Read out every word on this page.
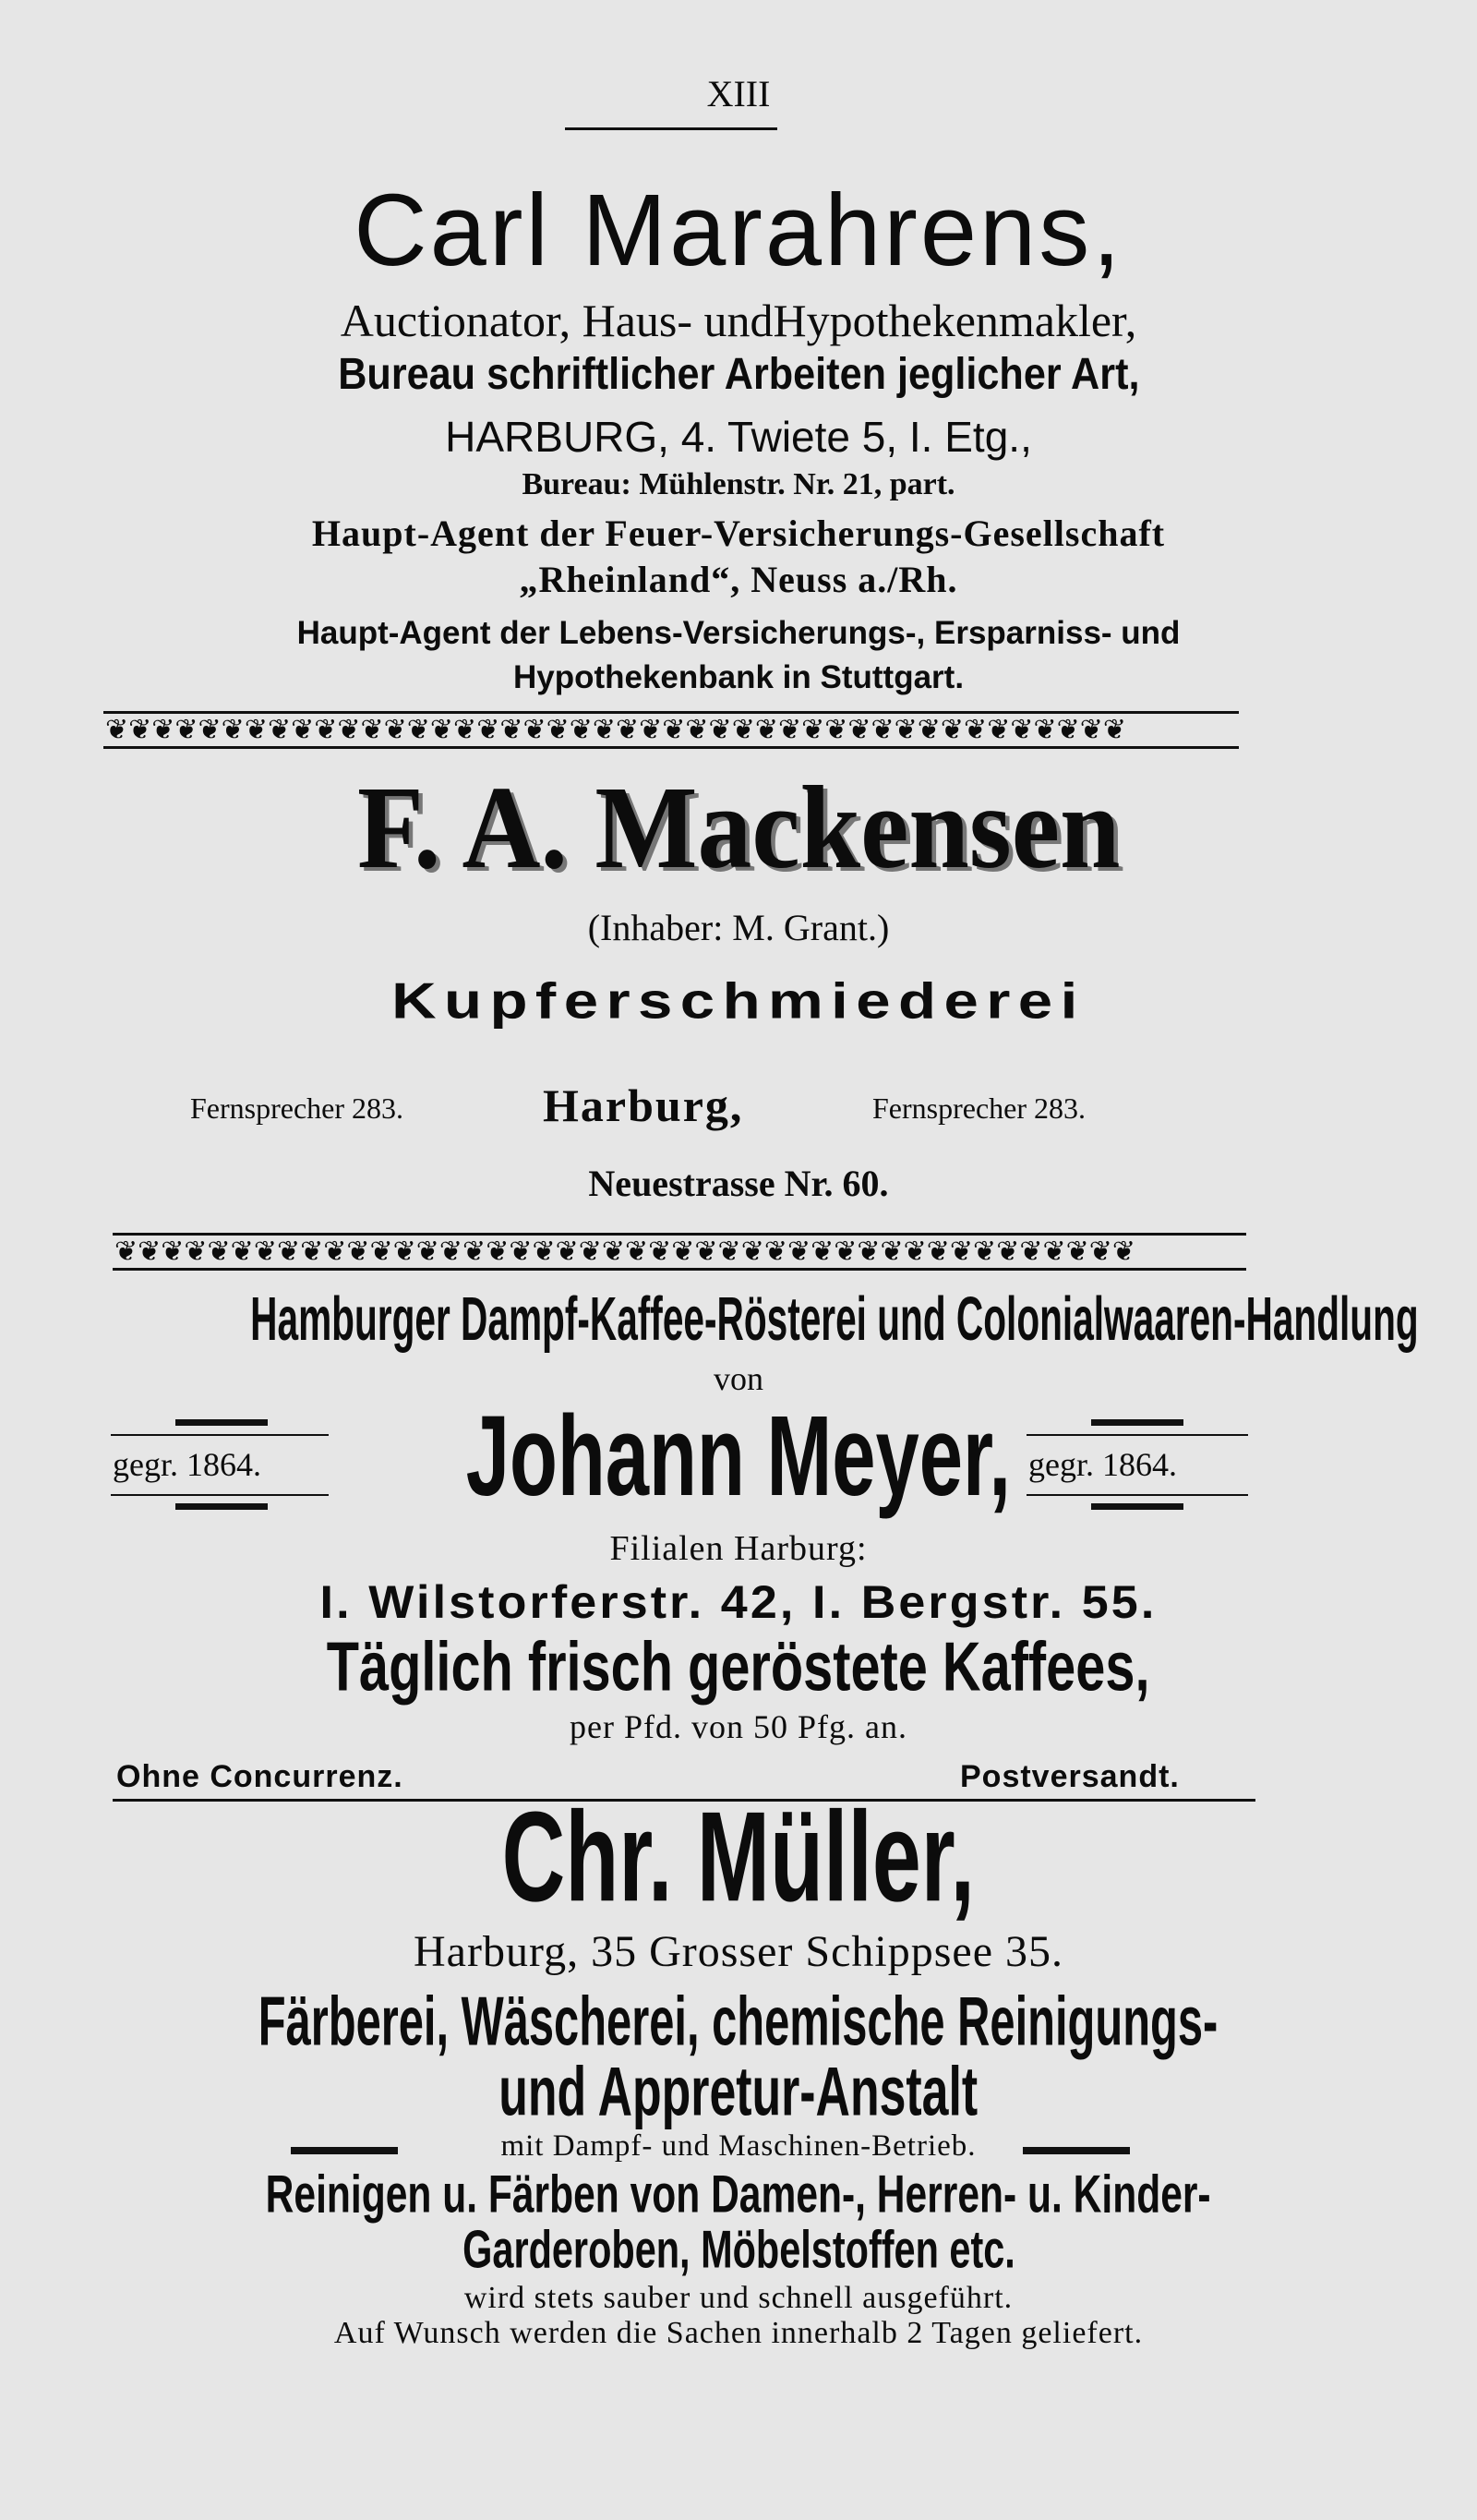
XIII
Carl Marahrens,
Auctionator, Haus- undHypothekenmakler,
Bureau schriftlicher Arbeiten jeglicher Art,
HARBURG, 4. Twiete 5, I. Etg.,
Bureau: Mühlenstr. Nr. 21, part.
Haupt-Agent der Feuer-Versicherungs-Gesellschaft
„Rheinland“, Neuss a./Rh.
Haupt-Agent der Lebens-Versicherungs-, Ersparniss- und
Hypothekenbank in Stuttgart.
❦❦❦❦❦❦❦❦❦❦❦❦❦❦❦❦❦❦❦❦❦❦❦❦❦❦❦❦❦❦❦❦❦❦❦❦❦❦❦❦❦❦❦❦
F. A. Mackensen
(Inhaber: M. Grant.)
Kupferschmiederei
Fernsprecher 283.	Harburg,	Fernsprecher 283.
Neuestrasse Nr. 60.
❦❦❦❦❦❦❦❦❦❦❦❦❦❦❦❦❦❦❦❦❦❦❦❦❦❦❦❦❦❦❦❦❦❦❦❦❦❦❦❦❦❦❦❦
Hamburger Dampf-Kaffee-Rösterei und Colonialwaaren-Handlung
von
gegr. 1864.	Johann Meyer, gegr. 1864.
Filialen Harburg:
I. Wilstorferstr. 42, I. Bergstr. 55.
Täglich frisch geröstete Kaffees,
per Pfd. von 50 Pfg. an.
Ohne Concurrenz.	Postversandt.
Chr. Müller,
Harburg, 35 Grosser Schippsee 35.
Färberei, Wäscherei, chemische Reinigungs-
und Appretur-Anstalt
mit Dampf- und Maschinen-Betrieb.
Reinigen u. Färben von Damen-, Herren- u. Kinder-
Garderoben, Möbelstoffen etc.
wird stets sauber und schnell ausgeführt.
Auf Wunsch werden die Sachen innerhalb 2 Tagen geliefert.
